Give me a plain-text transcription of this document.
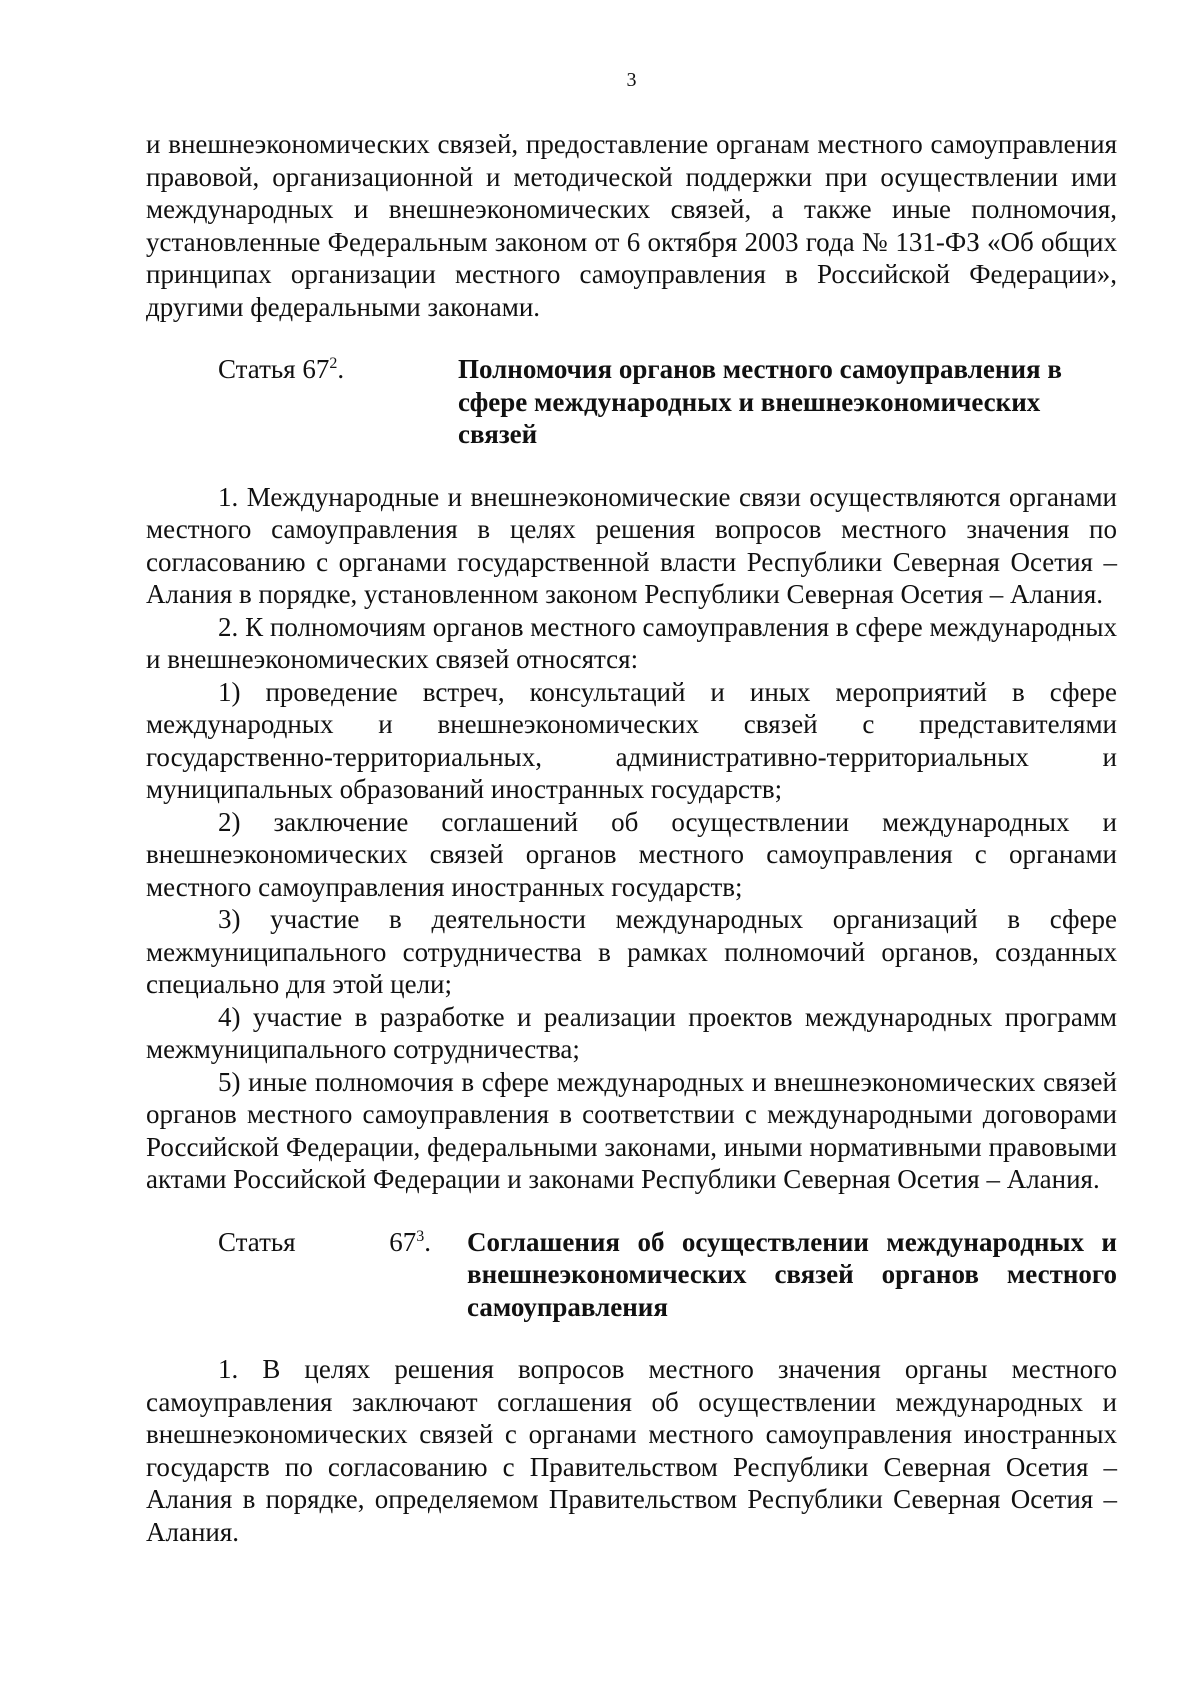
3

и внешнеэкономических связей, предоставление органам местного самоуправления правовой, организационной и методической поддержки при осуществлении ими международных и внешнеэкономических связей, а также иные полномочия, установленные Федеральным законом от 6 октября 2003 года № 131-ФЗ «Об общих принципах организации местного самоуправления в Российской Федерации», другими федеральными законами.

Статья $67^2$.	Полномочия органов местного самоуправления в сфере международных и внешнеэкономических связей

1. Международные и внешнеэкономические связи осуществляются органами местного самоуправления в целях решения вопросов местного значения по согласованию с органами государственной власти Республики Северная Осетия – Алания в порядке, установленном законом Республики Северная Осетия – Алания.

2. К полномочиям органов местного самоуправления в сфере международных и внешнеэкономических связей относятся:

1) проведение встреч, консультаций и иных мероприятий в сфере международных и внешнеэкономических связей с представителями государственно-территориальных, административно-территориальных и муниципальных образований иностранных государств;

2) заключение соглашений об осуществлении международных и внешнеэкономических связей органов местного самоуправления с органами местного самоуправления иностранных государств;

3) участие в деятельности международных организаций в сфере межмуниципального сотрудничества в рамках полномочий органов, созданных специально для этой цели;

4) участие в разработке и реализации проектов международных программ межмуниципального сотрудничества;

5) иные полномочия в сфере международных и внешнеэкономических связей органов местного самоуправления в соответствии с международными договорами Российской Федерации, федеральными законами, иными нормативными правовыми актами Российской Федерации и законами Республики Северная Осетия – Алания.

Статья	$67^3$.	Соглашения об осуществлении международных и внешнеэкономических связей органов местного самоуправления

1. В целях решения вопросов местного значения органы местного самоуправления заключают соглашения об осуществлении международных и внешнеэкономических связей с органами местного самоуправления иностранных государств по согласованию с Правительством Республики Северная Осетия – Алания в порядке, определяемом Правительством Республики Северная Осетия – Алания.
